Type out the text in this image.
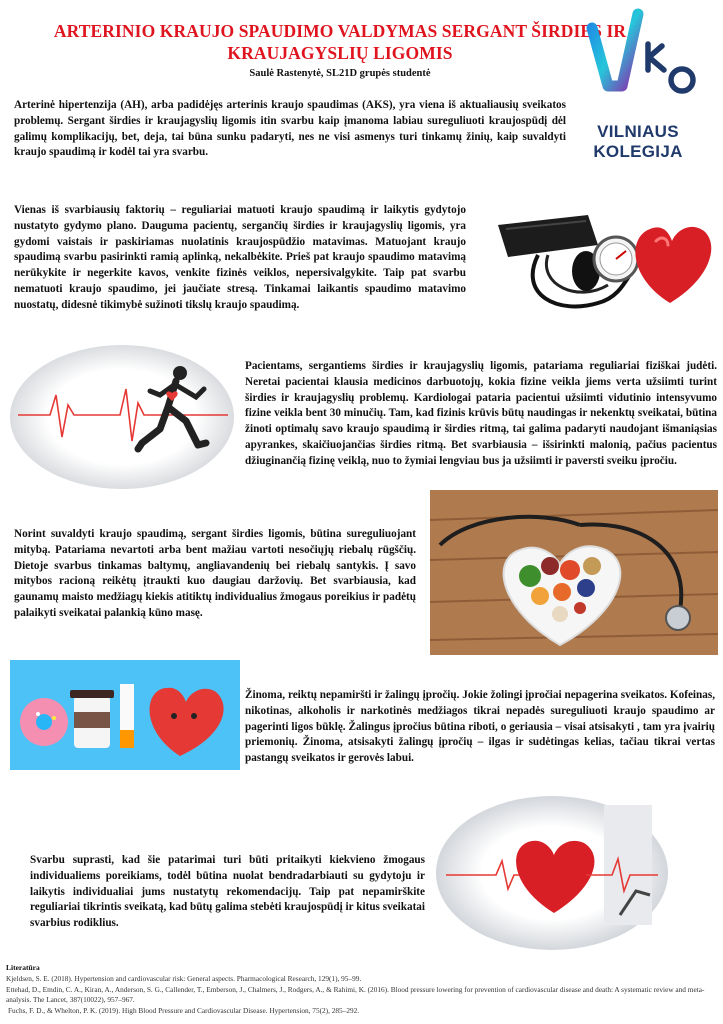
ARTERINIO KRAUJO SPAUDIMO VALDYMAS SERGANT ŠIRDIES IR KRAUJAGYSLIŲ LIGOMIS
Saulė Rastenytė, SL21D grupės studentė
VILNIAUS
KOLEGIJA
Arterinė hipertenzija (AH), arba padidėjęs arterinis kraujo spaudimas (AKS), yra viena iš aktualiausių sveikatos problemų. Sergant širdies ir kraujagyslių ligomis itin svarbu kaip įmanoma labiau sureguliuoti kraujospūdį dėl galimų komplikacijų, bet, deja, tai būna sunku padaryti, nes ne visi asmenys turi tinkamų žinių, kaip suvaldyti kraujo spaudimą ir kodėl tai yra svarbu.
Vienas iš svarbiausių faktorių – reguliariai matuoti kraujo spaudimą ir laikytis gydytojo nustatyto gydymo plano. Dauguma pacientų, sergančių širdies ir kraujagyslių ligomis, yra gydomi vaistais ir paskiriamas nuolatinis kraujospūdžio matavimas. Matuojant kraujo spaudimą svarbu pasirinkti ramią aplinką, nekalbėkite. Prieš pat kraujo spaudimo matavimą nerūkykite ir negerkite kavos, venkite fizinės veiklos, nepersivalgykite. Taip pat svarbu nematuoti kraujo spaudimo, jei jaučiate stresą. Tinkamai laikantis spaudimo matavimo nuostatų, didesnė tikimybė sužinoti tikslų kraujo spaudimą.
Pacientams, sergantiems širdies ir kraujagyslių ligomis, patariama reguliariai fiziškai judėti. Neretai pacientai klausia medicinos darbuotojų, kokia fizine veikla jiems verta užsiimti turint širdies ir kraujagyslių problemų. Kardiologai pataria pacientui užsiimti vidutinio intensyvumo fizine veikla bent 30 minučių. Tam, kad fizinis krūvis būtų naudingas ir nekenktų sveikatai, būtina žinoti optimalų savo kraujo spaudimą ir širdies ritmą, tai galima padaryti naudojant išmaniąsias apyrankes, skaičiuojančias širdies ritmą. Bet svarbiausia – išsirinkti malonią, pačius pacientus džiuginančią fizinę veiklą, nuo to žymiai lengviau bus ja užsiimti ir paversti sveiku įpročiu.
Norint suvaldyti kraujo spaudimą, sergant širdies ligomis, būtina sureguliuojant mitybą. Patariama nevartoti arba bent mažiau vartoti nesočiųjų riebalų rūgščių. Dietoje svarbus tinkamas baltymų, angliavandenių bei riebalų santykis. Į savo mitybos racioną reikėtų įtraukti kuo daugiau daržovių. Bet svarbiausia, kad gaunamų maisto medžiagų kiekis atitiktų individualius žmogaus poreikius ir padėtų palaikyti sveikatai palankią kūno masę.
Žinoma, reiktų nepamiršti ir žalingų įpročių. Jokie žolingi įpročiai nepagerina sveikatos. Kofeinas, nikotinas, alkoholis ir narkotinės medžiagos tikrai nepadės sureguliuoti kraujo spaudimo ar pagerinti ligos būklę. Žalingus įpročius būtina riboti, o geriausia – visai atsisakyti , tam yra įvairių priemonių. Žinoma, atsisakyti žalingų įpročių – ilgas ir sudėtingas kelias, tačiau tikrai vertas pastangų sveikatos ir gerovės labui.
Svarbu suprasti, kad šie patarimai turi būti pritaikyti kiekvieno žmogaus individualiems poreikiams, todėl būtina nuolat bendradarbiauti su gydytoju ir laikytis individualiai jums nustatytų rekomendacijų. Taip pat nepamirškite reguliariai tikrintis sveikatą, kad būtų galima stebėti kraujospūdį ir kitus sveikatai svarbius rodiklius.
Literatūra
Kjeldsen, S. E. (2018). Hypertension and cardiovascular risk: General aspects. Pharmacological Research, 129(1), 95–99.
Ettehad, D., Emdin, C. A., Kiran, A., Anderson, S. G., Callender, T., Emberson, J., Chalmers, J., Rodgers, A., & Rahimi, K. (2016). Blood pressure lowering for prevention of cardiovascular disease and death: A systematic review and meta-analysis. The Lancet, 387(10022), 957–967.
Fuchs, F. D., & Whelton, P. K. (2019). High Blood Pressure and Cardiovascular Disease. Hypertension, 75(2), 285–292.
